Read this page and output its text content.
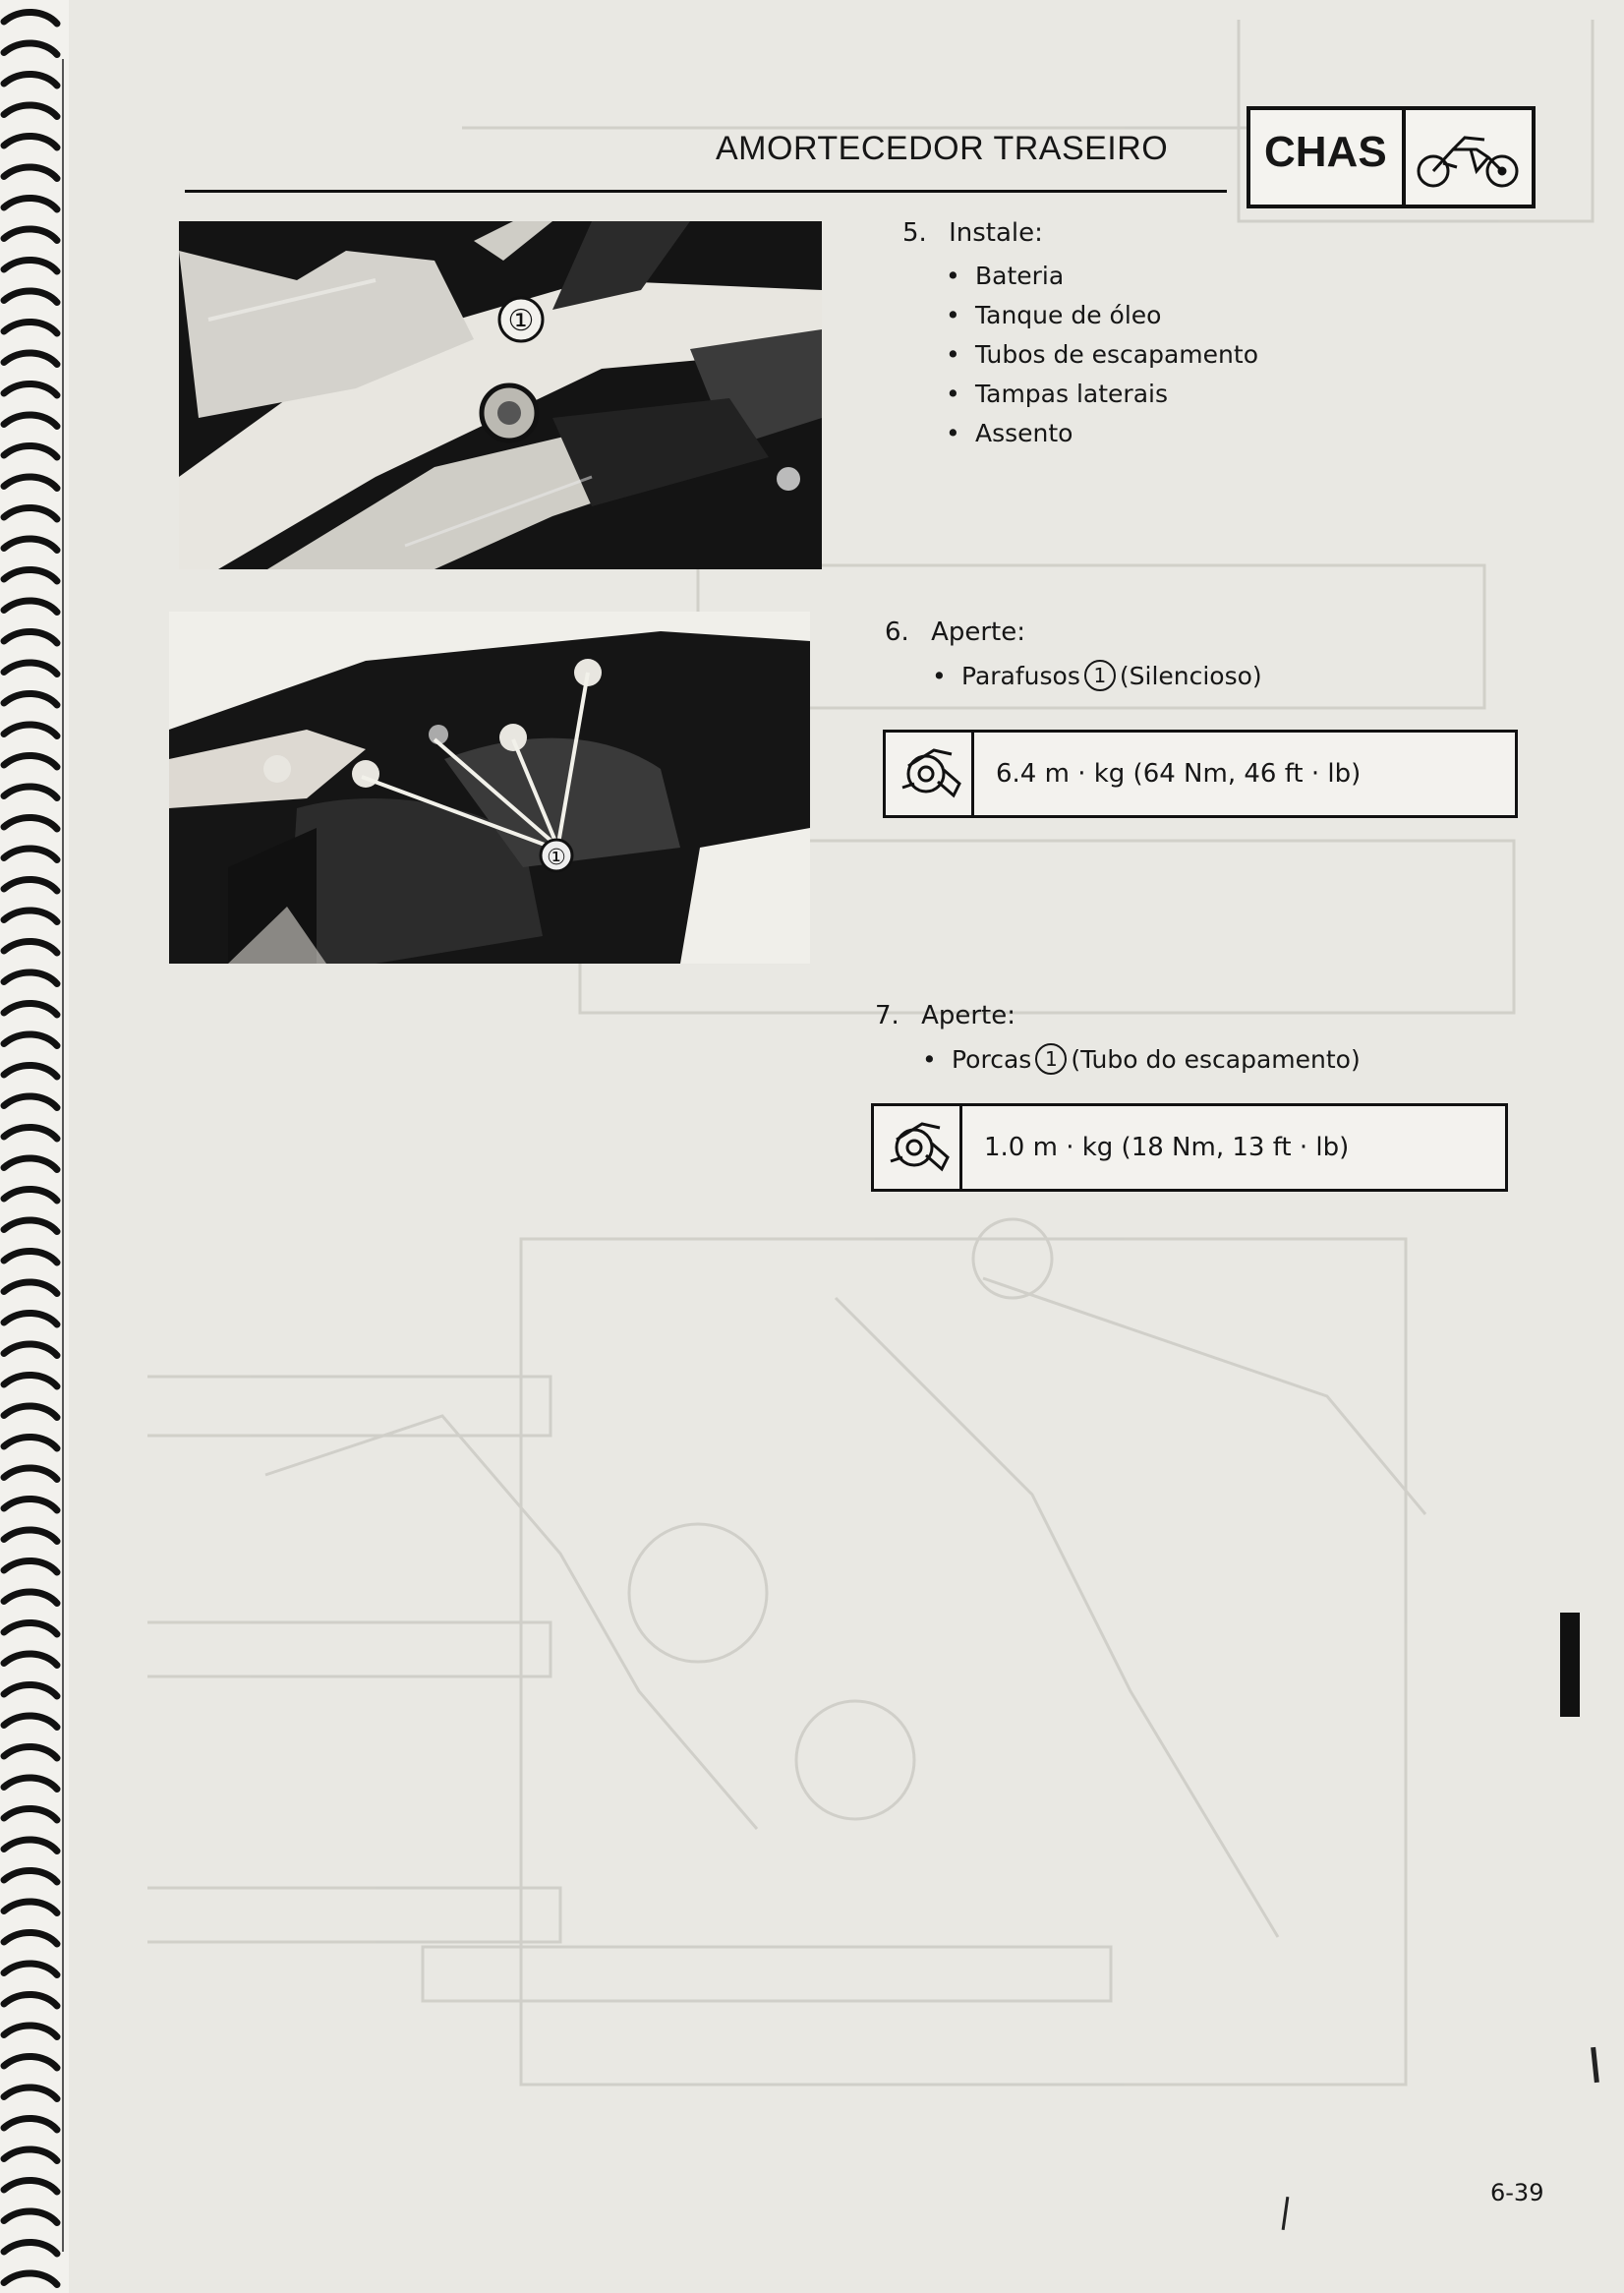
AMORTECEDOR TRASEIRO	CHAS
①
①
5. Instale:
• Bateria
• Tanque de óleo
• Tubos de escapamento
• Tampas laterais
• Assento
6. Aperte:
• Parafusos 1 (Silencioso)
6.4 m · kg (64 Nm, 46 ft · lb)
7. Aperte:
• Porcas 1 (Tubo do escapamento)
1.0 m · kg (18 Nm, 13 ft · lb)
6-39
